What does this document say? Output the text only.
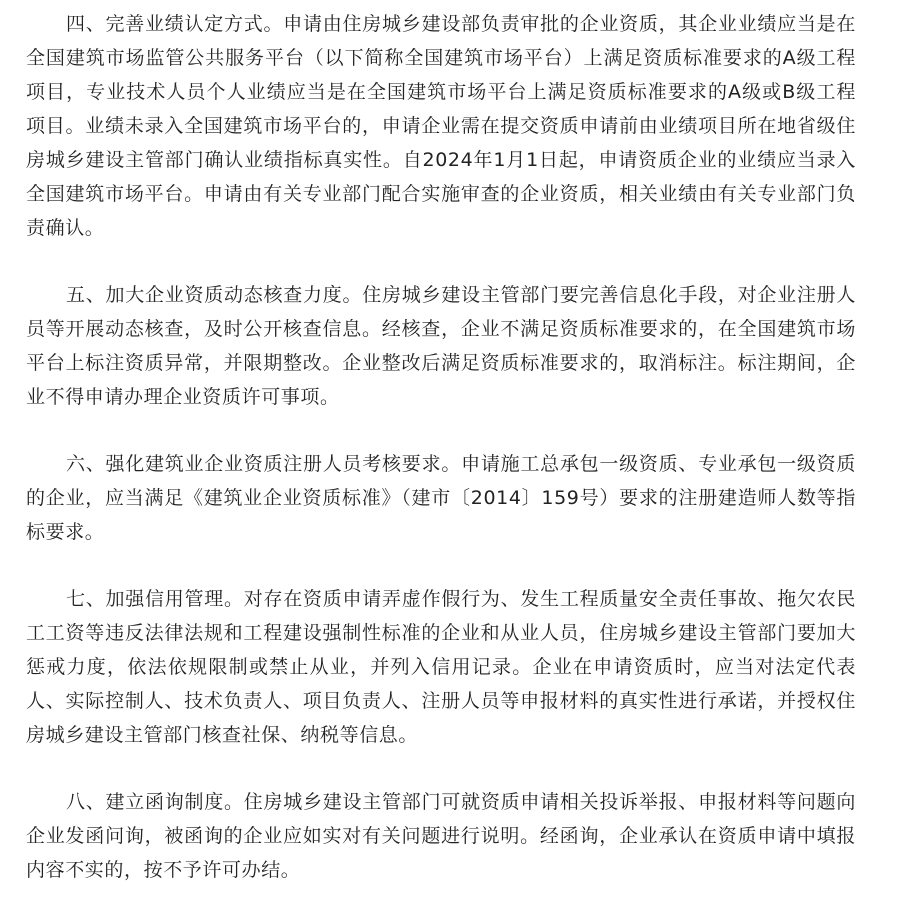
四、完善业绩认定方式。申请由住房城乡建设部负责审批的企业资质，其企业业绩应当是在全国建筑市场监管公共服务平台（以下简称全国建筑市场平台）上满足资质标准要求的A级工程项目，专业技术人员个人业绩应当是在全国建筑市场平台上满足资质标准要求的A级或B级工程项目。业绩未录入全国建筑市场平台的，申请企业需在提交资质申请前由业绩项目所在地省级住房城乡建设主管部门确认业绩指标真实性。自2024年1月1日起，申请资质企业的业绩应当录入全国建筑市场平台。申请由有关专业部门配合实施审查的企业资质，相关业绩由有关专业部门负责确认。

五、加大企业资质动态核查力度。住房城乡建设主管部门要完善信息化手段，对企业注册人员等开展动态核查，及时公开核查信息。经核查，企业不满足资质标准要求的，在全国建筑市场平台上标注资质异常，并限期整改。企业整改后满足资质标准要求的，取消标注。标注期间，企业不得申请办理企业资质许可事项。

六、强化建筑业企业资质注册人员考核要求。申请施工总承包一级资质、专业承包一级资质的企业，应当满足《建筑业企业资质标准》（建市〔2014〕159号）要求的注册建造师人数等指标要求。

七、加强信用管理。对存在资质申请弄虚作假行为、发生工程质量安全责任事故、拖欠农民工工资等违反法律法规和工程建设强制性标准的企业和从业人员，住房城乡建设主管部门要加大惩戒力度，依法依规限制或禁止从业，并列入信用记录。企业在申请资质时，应当对法定代表人、实际控制人、技术负责人、项目负责人、注册人员等申报材料的真实性进行承诺，并授权住房城乡建设主管部门核查社保、纳税等信息。

八、建立函询制度。住房城乡建设主管部门可就资质申请相关投诉举报、申报材料等问题向企业发函问询，被函询的企业应如实对有关问题进行说明。经函询，企业承认在资质申请中填报内容不实的，按不予许可办结。
